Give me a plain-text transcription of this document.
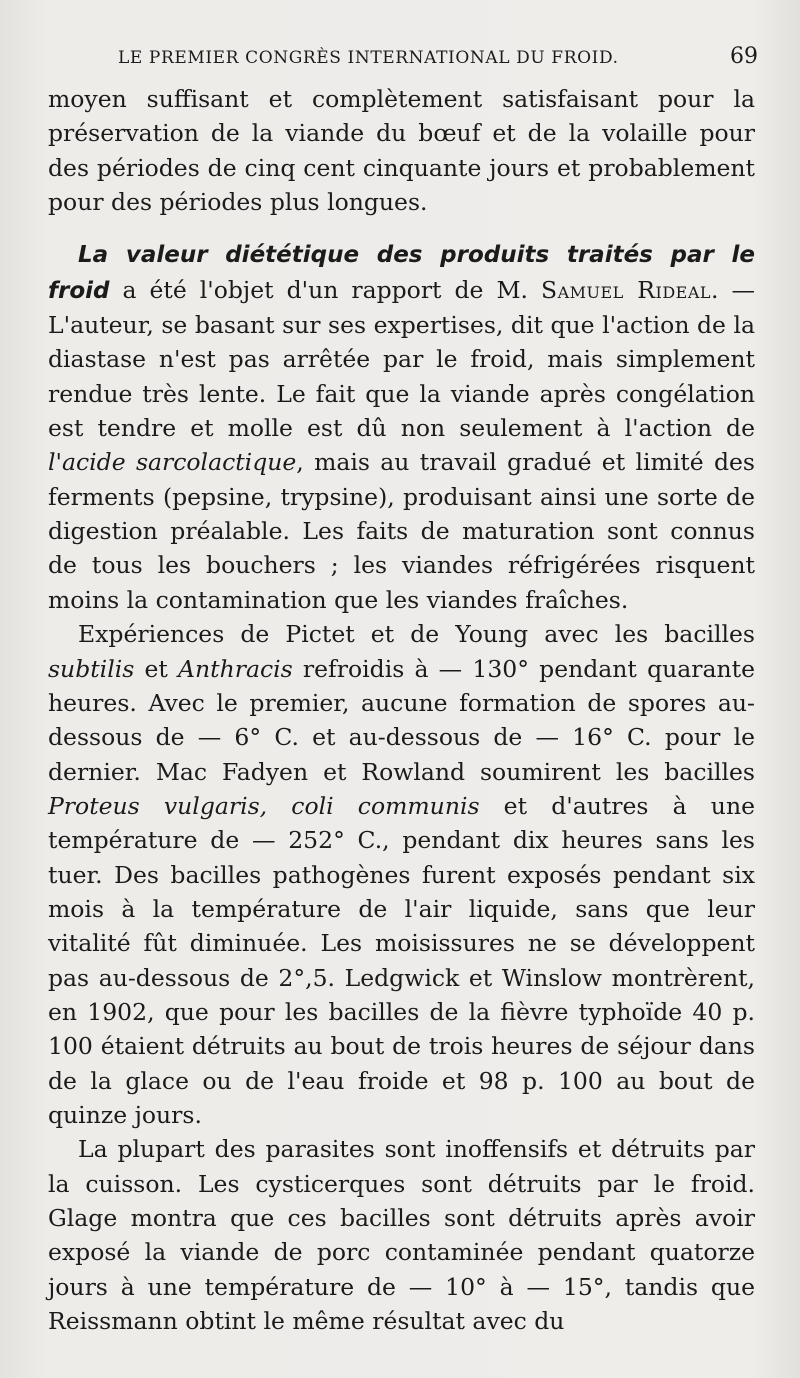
LE PREMIER CONGRÈS INTERNATIONAL DU FROID.	69

moyen suffisant et complètement satisfaisant pour la préservation de la viande du bœuf et de la volaille pour des périodes de cinq cent cinquante jours et probablement pour des périodes plus longues.

La valeur diététique des produits traités par le froid a été l'objet d'un rapport de M. Samuel Rideal. — L'auteur, se basant sur ses expertises, dit que l'action de la diastase n'est pas arrêtée par le froid, mais simplement rendue très lente. Le fait que la viande après congélation est tendre et molle est dû non seulement à l'action de l'acide sarcolactique, mais au travail gradué et limité des ferments (pepsine, trypsine), produisant ainsi une sorte de digestion préalable. Les faits de maturation sont connus de tous les bouchers ; les viandes réfrigérées risquent moins la contamination que les viandes fraîches.

Expériences de Pictet et de Young avec les bacilles subtilis et Anthracis refroidis à — 130° pendant quarante heures. Avec le premier, aucune formation de spores au-dessous de — 6° C. et au-dessous de — 16° C. pour le dernier. Mac Fadyen et Rowland soumirent les bacilles Proteus vulgaris, coli communis et d'autres à une température de — 252° C., pendant dix heures sans les tuer. Des bacilles pathogènes furent exposés pendant six mois à la température de l'air liquide, sans que leur vitalité fût diminuée. Les moisissures ne se développent pas au-dessous de 2°,5. Ledgwick et Winslow montrèrent, en 1902, que pour les bacilles de la fièvre typhoïde 40 p. 100 étaient détruits au bout de trois heures de séjour dans de la glace ou de l'eau froide et 98 p. 100 au bout de quinze jours.

La plupart des parasites sont inoffensifs et détruits par la cuisson. Les cysticerques sont détruits par le froid. Glage montra que ces bacilles sont détruits après avoir exposé la viande de porc contaminée pendant quatorze jours à une température de — 10° à — 15°, tandis que Reissmann obtint le même résultat avec du
